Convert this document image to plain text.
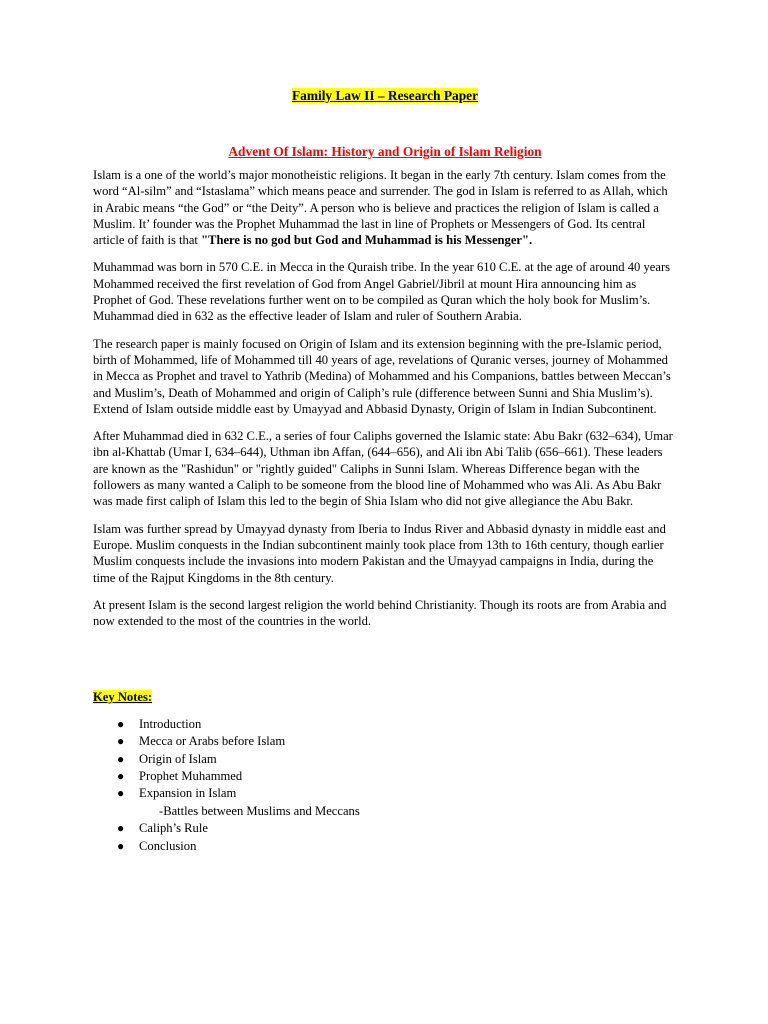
Family Law II – Research Paper
Advent Of Islam: History and Origin of Islam Religion

Islam is a one of the world’s major monotheistic religions. It began in the early 7th century. Islam comes from the word “Al-silm” and “Istaslama” which means peace and surrender. The god in Islam is referred to as Allah, which in Arabic means “the God” or “the Deity”. A person who is believe and practices the religion of Islam is called a Muslim. It’ founder was the Prophet Muhammad the last in line of Prophets or Messengers of God. Its central article of faith is that "There is no god but God and Muhammad is his Messenger".

Muhammad was born in 570 C.E. in Mecca in the Quraish tribe. In the year 610 C.E. at the age of around 40 years Mohammed received the first revelation of God from Angel Gabriel/Jibril at mount Hira announcing him as Prophet of God. These revelations further went on to be compiled as Quran which the holy book for Muslim’s. Muhammad died in 632 as the effective leader of Islam and ruler of Southern Arabia.

The research paper is mainly focused on Origin of Islam and its extension beginning with the pre-Islamic period, birth of Mohammed, life of Mohammed till 40 years of age, revelations of Quranic verses, journey of Mohammed in Mecca as Prophet and travel to Yathrib (Medina) of Mohammed and his Companions, battles between Meccan’s and Muslim’s, Death of Mohammed and origin of Caliph’s rule (difference between Sunni and Shia Muslim’s). Extend of Islam outside middle east by Umayyad and Abbasid Dynasty, Origin of Islam in Indian Subcontinent.

After Muhammad died in 632 C.E., a series of four Caliphs governed the Islamic state: Abu Bakr (632–634), Umar ibn al-Khattab (Umar I, 634–644), Uthman ibn Affan, (644–656), and Ali ibn Abi Talib (656–661). These leaders are known as the "Rashidun" or "rightly guided" Caliphs in Sunni Islam. Whereas Difference began with the followers as many wanted a Caliph to be someone from the blood line of Mohammed who was Ali. As Abu Bakr was made first caliph of Islam this led to the begin of Shia Islam who did not give allegiance the Abu Bakr.

Islam was further spread by Umayyad dynasty from Iberia to Indus River and Abbasid dynasty in middle east and Europe. Muslim conquests in the Indian subcontinent mainly took place from 13th to 16th century, though earlier Muslim conquests include the invasions into modern Pakistan and the Umayyad campaigns in India, during the time of the Rajput Kingdoms in the 8th century.

At present Islam is the second largest religion the world behind Christianity. Though its roots are from Arabia and now extended to the most of the countries in the world.

Key Notes:
● Introduction
● Mecca or Arabs before Islam
● Origin of Islam
● Prophet Muhammed
● Expansion in Islam
-Battles between Muslims and Meccans
● Caliph’s Rule
● Conclusion
